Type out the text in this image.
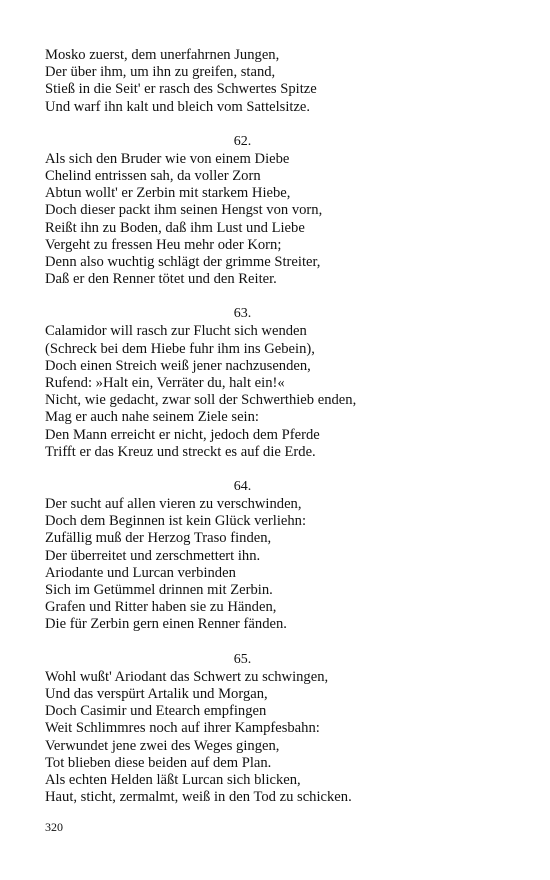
Mosko zuerst, dem unerfahrnen Jungen,
Der über ihm, um ihn zu greifen, stand,
Stieß in die Seit' er rasch des Schwertes Spitze
Und warf ihn kalt und bleich vom Sattelsitze.
62.
Als sich den Bruder wie von einem Diebe
Chelind entrissen sah, da voller Zorn
Abtun wollt' er Zerbin mit starkem Hiebe,
Doch dieser packt ihm seinen Hengst von vorn,
Reißt ihn zu Boden, daß ihm Lust und Liebe
Vergeht zu fressen Heu mehr oder Korn;
Denn also wuchtig schlägt der grimme Streiter,
Daß er den Renner tötet und den Reiter.
63.
Calamidor will rasch zur Flucht sich wenden
(Schreck bei dem Hiebe fuhr ihm ins Gebein),
Doch einen Streich weiß jener nachzusenden,
Rufend: »Halt ein, Verräter du, halt ein!«
Nicht, wie gedacht, zwar soll der Schwerthieb enden,
Mag er auch nahe seinem Ziele sein:
Den Mann erreicht er nicht, jedoch dem Pferde
Trifft er das Kreuz und streckt es auf die Erde.
64.
Der sucht auf allen vieren zu verschwinden,
Doch dem Beginnen ist kein Glück verliehn:
Zufällig muß der Herzog Traso finden,
Der überreitet und zerschmettert ihn.
Ariodante und Lurcan verbinden
Sich im Getümmel drinnen mit Zerbin.
Grafen und Ritter haben sie zu Händen,
Die für Zerbin gern einen Renner fänden.
65.
Wohl wußt' Ariodant das Schwert zu schwingen,
Und das verspürt Artalik und Morgan,
Doch Casimir und Etearch empfingen
Weit Schlimmres noch auf ihrer Kampfesbahn:
Verwundet jene zwei des Weges gingen,
Tot blieben diese beiden auf dem Plan.
Als echten Helden läßt Lurcan sich blicken,
Haut, sticht, zermalmt, weiß in den Tod zu schicken.
320
